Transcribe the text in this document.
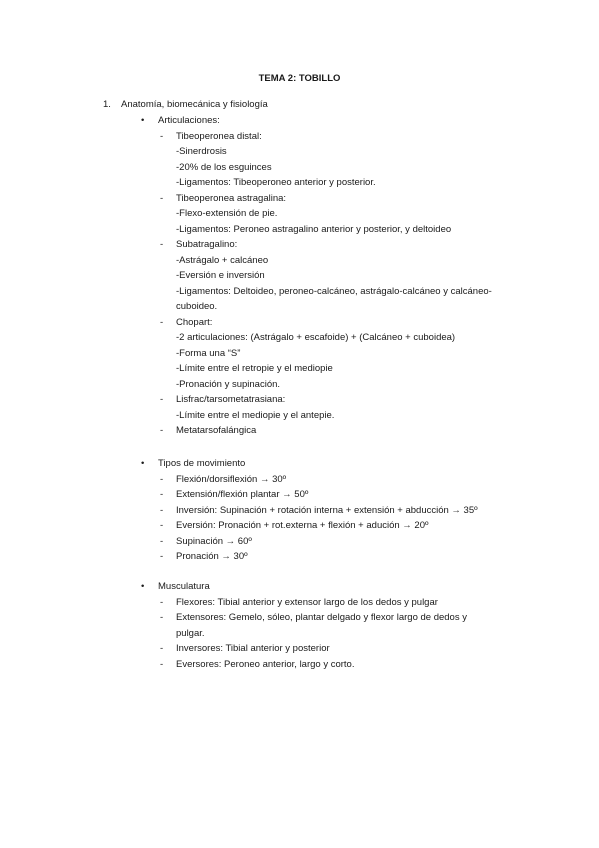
TEMA 2: TOBILLO
1. Anatomía, biomecánica y fisiología
• Articulaciones:
- Tibeoperonea distal:
-Sinerdrosis
-20% de los esguinces
-Ligamentos: Tibeoperoneo anterior y posterior.
- Tibeoperonea astragalina:
-Flexo-extensión de pie.
-Ligamentos: Peroneo astragalino anterior y posterior, y deltoideo
- Subatragalino:
-Astrágalo + calcáneo
-Eversión e inversión
-Ligamentos: Deltoideo, peroneo-calcáneo, astrágalo-calcáneo y calcáneo-
cuboideo.
- Chopart:
-2 articulaciones: (Astrágalo + escafoide) + (Calcáneo + cuboidea)
-Forma una “S”
-Límite entre el retropie y el mediopie
-Pronación y supinación.
- Lisfrac/tarsometatrasiana:
-Límite entre el mediopie y el antepie.
- Metatarsofalángica
• Tipos de movimiento
- Flexión/dorsiflexión → 30º
- Extensión/flexión plantar → 50º
- Inversión: Supinación + rotación interna + extensión + abducción → 35º
- Eversión: Pronación + rot.externa + flexión + adución → 20º
- Supinación → 60º
- Pronación → 30º
• Musculatura
- Flexores: Tibial anterior y extensor largo de los dedos y pulgar
- Extensores: Gemelo, sóleo, plantar delgado y flexor largo de dedos y
pulgar.
- Inversores: Tibial anterior y posterior
- Eversores: Peroneo anterior, largo y corto.
